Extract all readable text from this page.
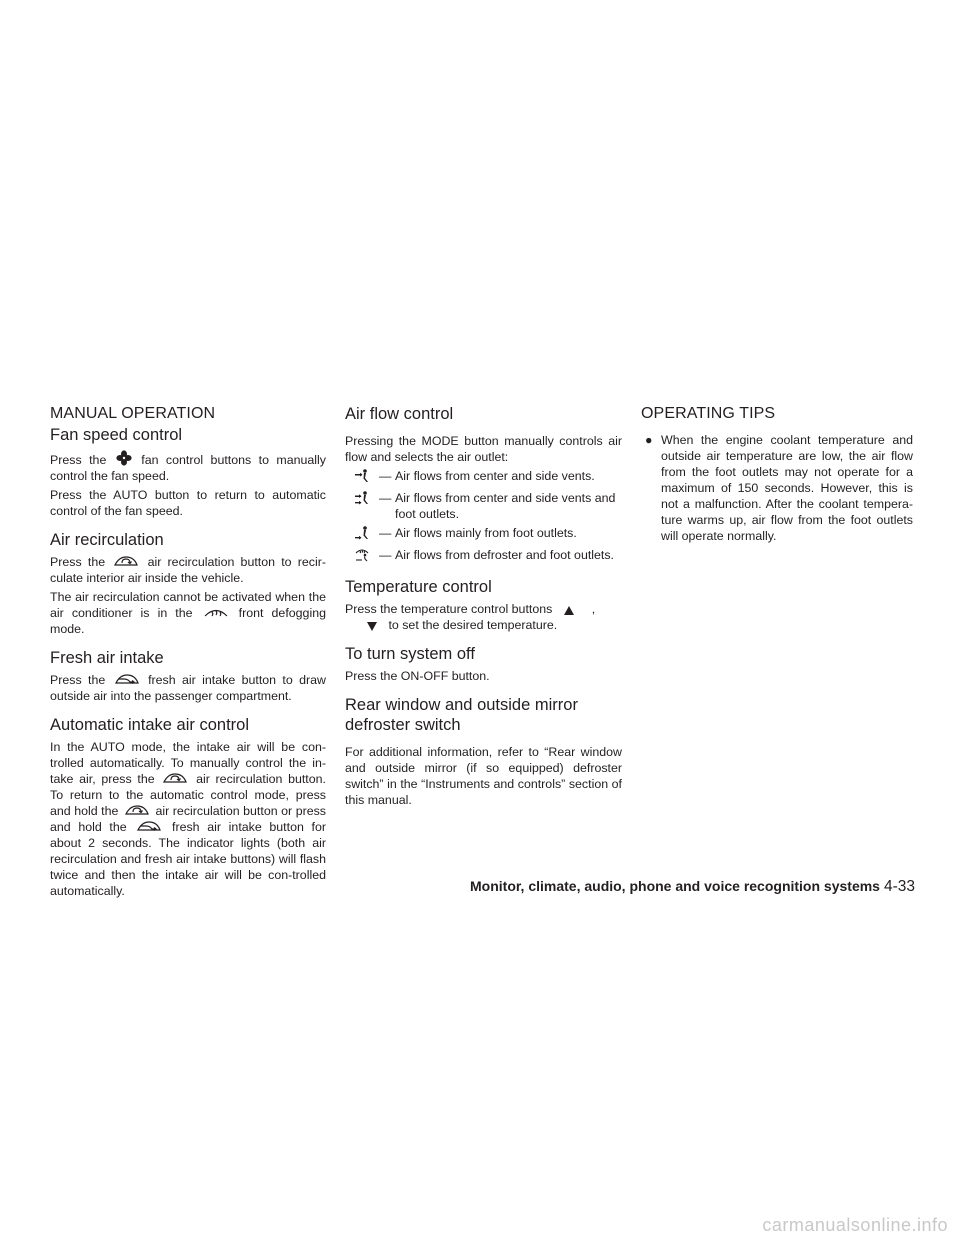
MANUAL OPERATION
Fan speed control

Press the	fan control buttons to manually control the fan speed.

Press the AUTO button to return to automatic control of the fan speed.

Air recirculation

Press the	air recirculation button to recir-culate interior air inside the vehicle.

The air recirculation cannot be activated when the air conditioner is in the	front defogging mode.

Fresh air intake

Press the	fresh air intake button to draw outside air into the passenger compartment.

Automatic intake air control

In the AUTO mode, the intake air will be con-trolled automatically. To manually control the in-take air, press the	air recirculation button. To return to the automatic control mode, press and hold the	air recirculation button or press and hold the	fresh air intake button for about 2 seconds. The indicator lights (both air recirculation and fresh air intake buttons) will flash twice and then the intake air will be con-trolled automatically.

Air flow control

Pressing the MODE button manually controls air flow and selects the air outlet:

— Air flows from center and side vents.
— Air flows from center and side vents and foot outlets.
— Air flows mainly from foot outlets.
— Air flows from defroster and foot outlets.
Temperature control

Press the temperature control buttons	,

to set the desired temperature.

To turn system off

Press the ON-OFF button.

Rear window and outside mirror defroster switch

For additional information, refer to “Rear window and outside mirror (if so equipped) defroster switch” in the “Instruments and controls” section of this manual.

OPERATING TIPS
● When the engine coolant temperature and outside air temperature are low, the air flow from the foot outlets may not operate for a maximum of 150 seconds. However, this is not a malfunction. After the coolant tempera-ture warms up, air flow from the foot outlets will operate normally.
Monitor, climate, audio, phone and voice recognition systems 4-33
carmanualsonline.info
